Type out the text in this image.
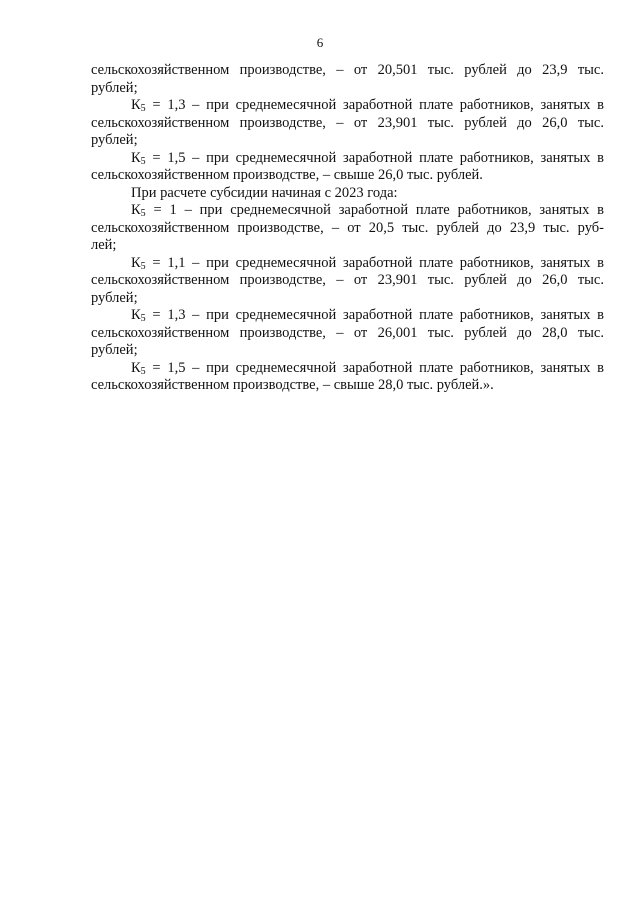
6
сельскохозяйственном производстве, – от 20,501 тыс. рублей до 23,9 тыс.
рублей;
$К_5 = 1,3$ – при среднемесячной заработной плате работников, занятых в
сельскохозяйственном производстве, – от 23,901 тыс. рублей до 26,0 тыс.
рублей;
$К_5 = 1,5$ – при среднемесячной заработной плате работников, занятых в
сельскохозяйственном производстве, – свыше 26,0 тыс. рублей.
При расчете субсидии начиная с 2023 года:
$К_5 = 1$ – при среднемесячной заработной плате работников, занятых в
сельскохозяйственном производстве, – от 20,5 тыс. рублей до 23,9 тыс. руб-
лей;
$К_5 = 1,1$ – при среднемесячной заработной плате работников, занятых в
сельскохозяйственном производстве, – от 23,901 тыс. рублей до 26,0 тыс.
рублей;
$К_5 = 1,3$ – при среднемесячной заработной плате работников, занятых в
сельскохозяйственном производстве, – от 26,001 тыс. рублей до 28,0 тыс.
рублей;
$К_5 = 1,5$ – при среднемесячной заработной плате работников, занятых в
сельскохозяйственном производстве, – свыше 28,0 тыс. рублей.».
